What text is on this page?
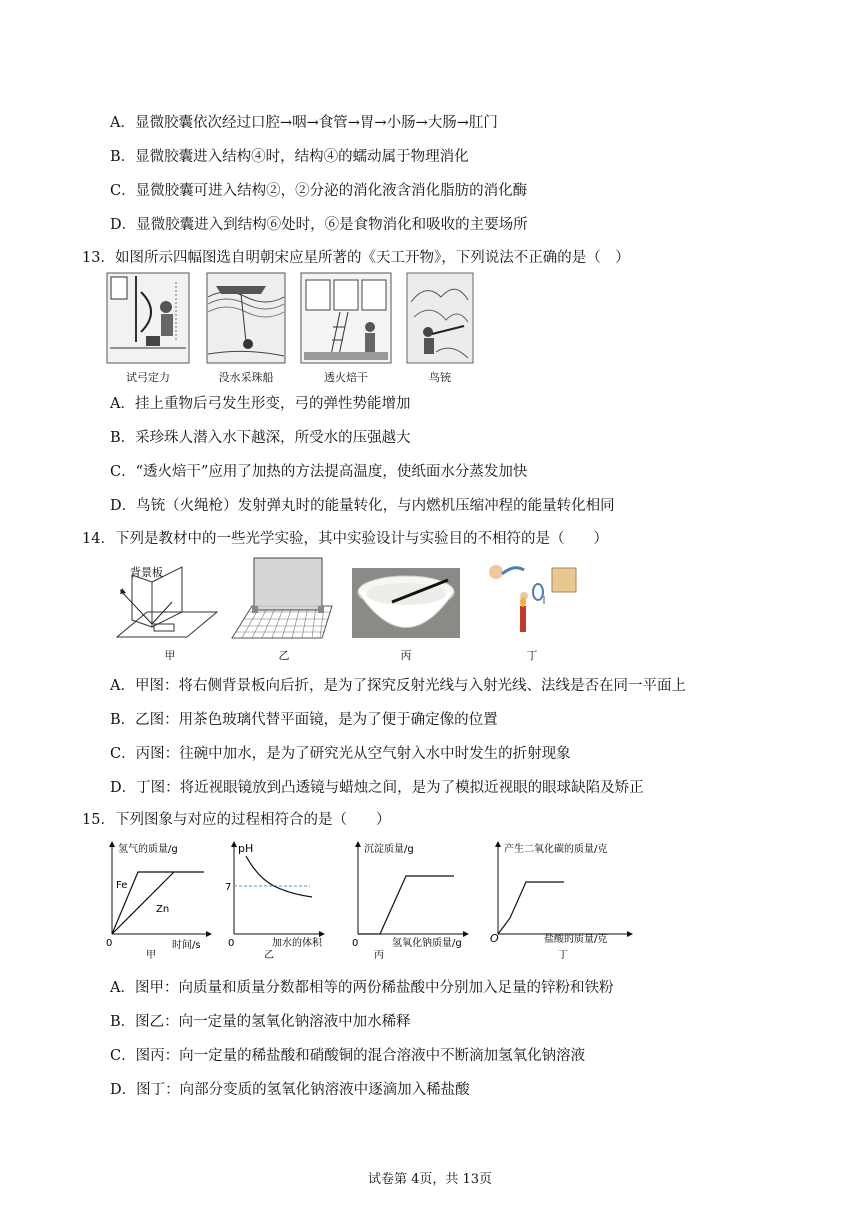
A．显微胶囊依次经过口腔→咽→食管→胃→小肠→大肠→肛门
B．显微胶囊进入结构④时，结构④的蠕动属于物理消化
C．显微胶囊可进入结构②，②分泌的消化液含消化脂肪的消化酶
D．显微胶囊进入到结构⑥处时，⑥是食物消化和吸收的主要场所
13．如图所示四幅图选自明朝宋应星所著的《天工开物》，下列说法不正确的是（　）
试弓定力	没水采珠船	透火焙干	鸟铳
A．挂上重物后弓发生形变，弓的弹性势能增加
B．采珍珠人潜入水下越深，所受水的压强越大
C．“透火焙干”应用了加热的方法提高温度，使纸面水分蒸发加快
D．鸟铳（火绳枪）发射弹丸时的能量转化，与内燃机压缩冲程的能量转化相同
14．下列是教材中的一些光学实验，其中实验设计与实验目的不相符的是（　　）
背景板
甲	乙	丙	丁
A．甲图：将右侧背景板向后折，是为了探究反射光线与入射光线、法线是否在同一平面上
B．乙图：用茶色玻璃代替平面镜，是为了便于确定像的位置
C．丙图：往碗中加水，是为了研究光从空气射入水中时发生的折射现象
D．丁图：将近视眼镜放到凸透镜与蜡烛之间，是为了模拟近视眼的眼球缺陷及矫正
15．下列图象与对应的过程相符合的是（　　）
氢气的质量/g
Fe
Zn
0	时间/s
甲
pH
7
0	加水的体积
乙
沉淀质量/g
0	氢氧化钠质量/g
丙
产生二氧化碳的质量/克
O	盐酸的质量/克
丁
A．图甲：向质量和质量分数都相等的两份稀盐酸中分别加入足量的锌粉和铁粉
B．图乙：向一定量的氢氧化钠溶液中加水稀释
C．图丙：向一定量的稀盐酸和硝酸铜的混合溶液中不断滴加氢氧化钠溶液
D．图丁：向部分变质的氢氧化钠溶液中逐滴加入稀盐酸
试卷第 4页，共 13页
